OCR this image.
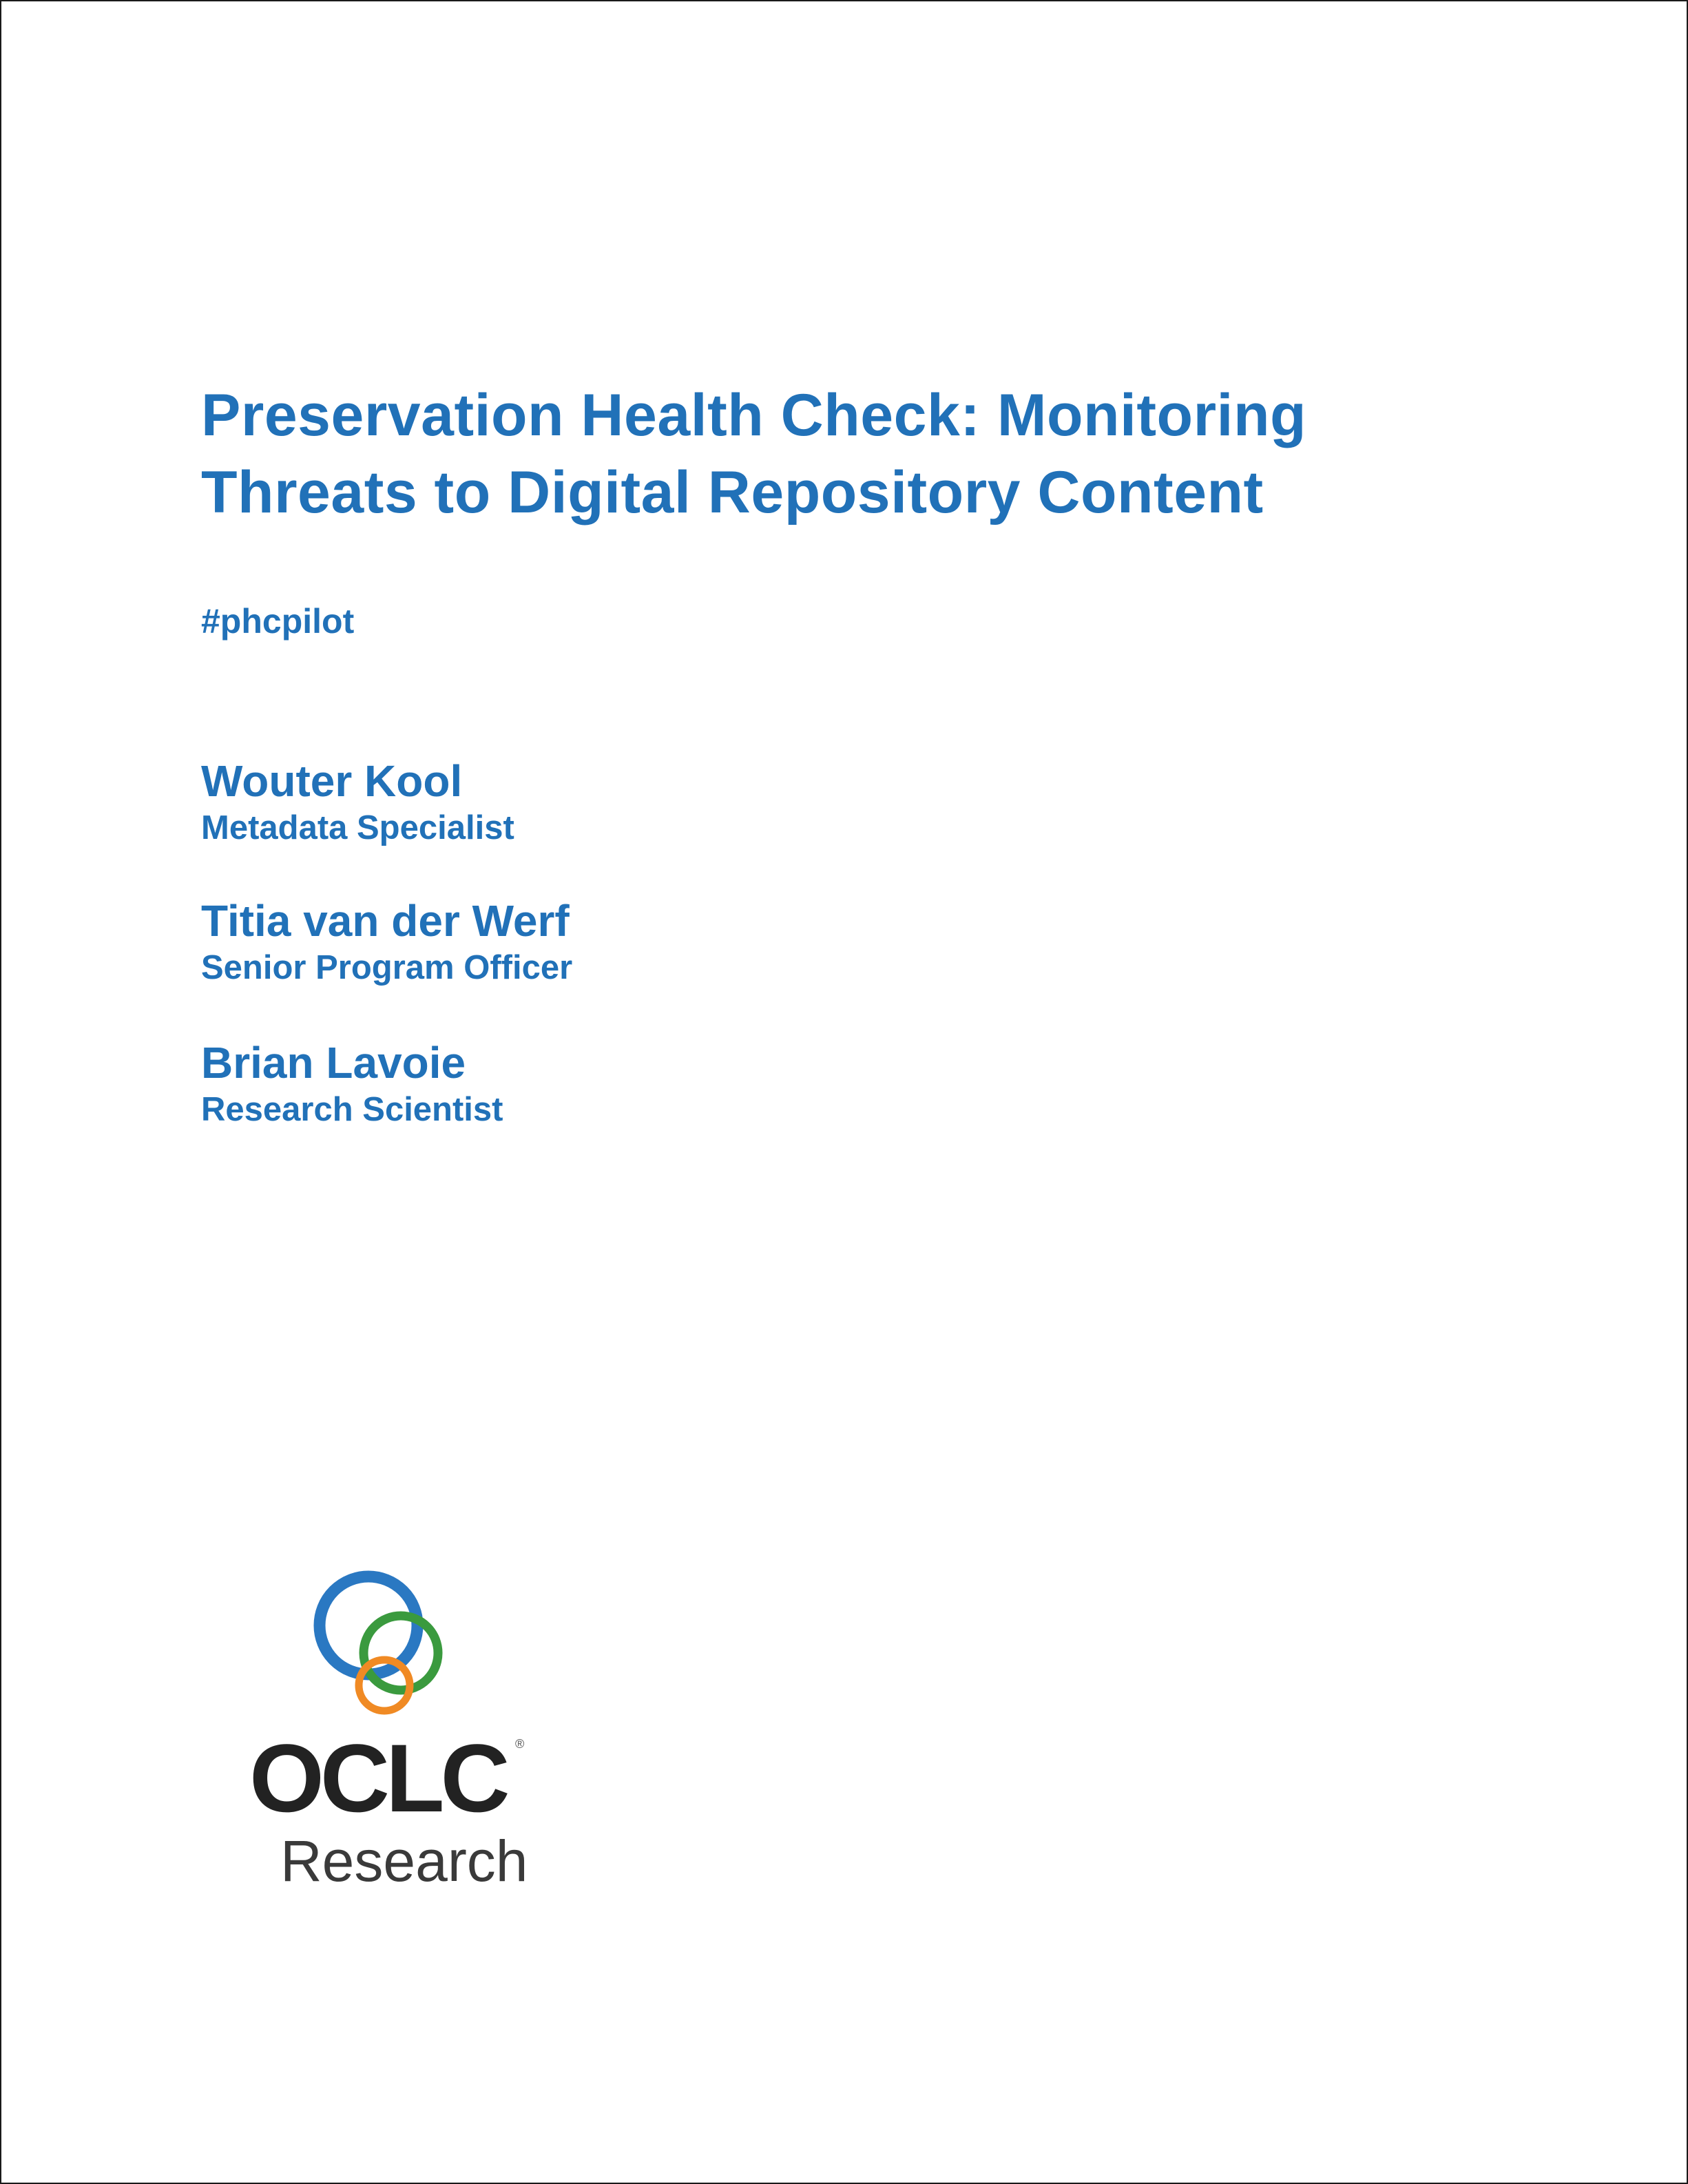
Preservation Health Check: Monitoring
Threats to Digital Repository Content
#phcpilot
Wouter Kool
Metadata Specialist
Titia van der Werf
Senior Program Officer
Brian Lavoie
Research Scientist
OCLC ®
Research
